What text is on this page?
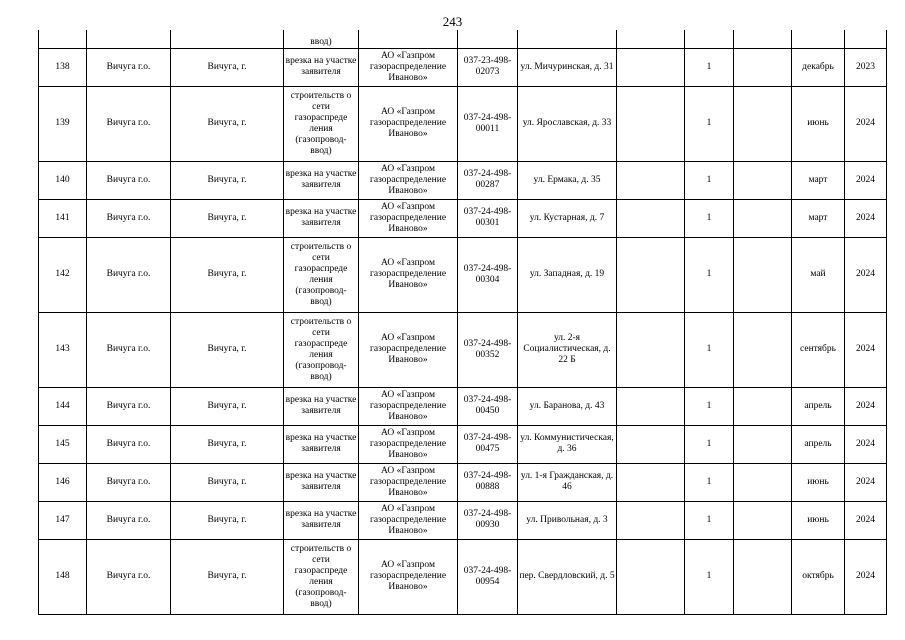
243
			ввод)								
138	Вичуга г.о.	Вичуга, г.	врезка на участке заявителя	АО «Газпром газораспределение Иваново»	037-23-498-02073	ул. Мичуринская, д. 31		1		декабрь	2023
139	Вичуга г.о.	Вичуга, г.	строительств о сети газораспреде ления (газопровод-ввод)	АО «Газпром газораспределение Иваново»	037-24-498-00011	ул. Ярославская, д. 33		1		июнь	2024
140	Вичуга г.о.	Вичуга, г.	врезка на участке заявителя	АО «Газпром газораспределение Иваново»	037-24-498-00287	ул. Ермака, д. 35		1		март	2024
141	Вичуга г.о.	Вичуга, г.	врезка на участке заявителя	АО «Газпром газораспределение Иваново»	037-24-498-00301	ул. Кустарная, д. 7		1		март	2024
142	Вичуга г.о.	Вичуга, г.	строительств о сети газораспреде ления (газопровод-ввод)	АО «Газпром газораспределение Иваново»	037-24-498-00304	ул. Западная, д. 19		1		май	2024
143	Вичуга г.о.	Вичуга, г.	строительств о сети газораспреде ления (газопровод-ввод)	АО «Газпром газораспределение Иваново»	037-24-498-00352	ул. 2-я Социалистическая, д. 22 Б		1		сентябрь	2024
144	Вичуга г.о.	Вичуга, г.	врезка на участке заявителя	АО «Газпром газораспределение Иваново»	037-24-498-00450	ул. Баранова, д. 43		1		апрель	2024
145	Вичуга г.о.	Вичуга, г.	врезка на участке заявителя	АО «Газпром газораспределение Иваново»	037-24-498-00475	ул. Коммунистическая, д. 36		1		апрель	2024
146	Вичуга г.о.	Вичуга, г.	врезка на участке заявителя	АО «Газпром газораспределение Иваново»	037-24-498-00888	ул. 1-я Гражданская, д. 46		1		июнь	2024
147	Вичуга г.о.	Вичуга, г.	врезка на участке заявителя	АО «Газпром газораспределение Иваново»	037-24-498-00930	ул. Привольная, д. 3		1		июнь	2024
148	Вичуга г.о.	Вичуга, г.	строительств о сети газораспреде ления (газопровод-ввод)	АО «Газпром газораспределение Иваново»	037-24-498-00954	пер. Свердловский, д. 5		1		октябрь	2024
